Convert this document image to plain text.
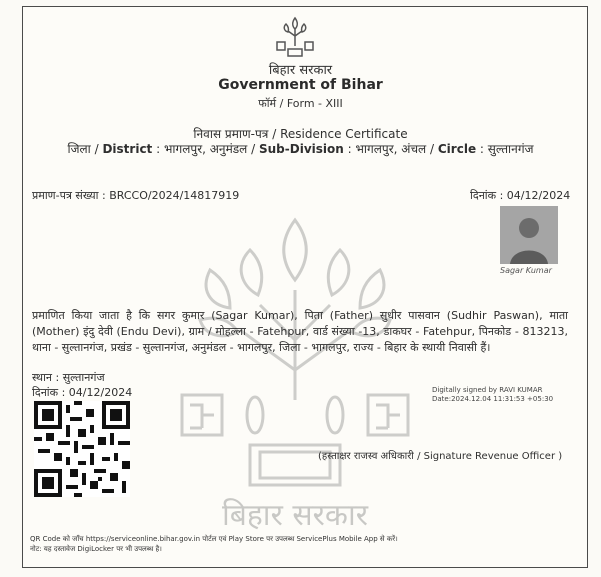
बिहार सरकार
बिहार सरकार
Government of Bihar
फॉर्म / Form - XIII
निवास प्रमाण-पत्र / Residence Certificate
जिला / District : भागलपुर, अनुमंडल / Sub-Division : भागलपुर, अंचल / Circle : सुल्तानगंज
प्रमाण-पत्र संख्या : BRCCO/2024/14817919	दिनांक : 04/12/2024
Sagar Kumar
प्रमाणित किया जाता है कि सगर कुमार (Sagar Kumar), पिता (Father) सुधीर पासवान (Sudhir Paswan), माता (Mother) इंदु देवी (Endu Devi), ग्राम / मोहल्ला - Fatehpur, वार्ड संख्या -13, डाकघर - Fatehpur, पिनकोड - 813213, थाना - सुल्तानगंज, प्रखंड - सुल्तानगंज, अनुमंडल - भागलपुर, जिला - भागलपुर, राज्य - बिहार के स्थायी निवासी हैं।
स्थान : सुल्तानगंज
दिनांक : 04/12/2024	Digitally signed by RAVI KUMAR
Date:2024.12.04 11:31:53 +05:30
(हस्ताक्षर राजस्व अधिकारी / Signature Revenue Officer )
QR Code को जाँच https://serviceonline.bihar.gov.in पोर्टल एवं Play Store पर उपलब्ध ServicePlus Mobile App से करें।
नोट: यह दस्तावेज DigiLocker पर भी उपलब्ध है।
